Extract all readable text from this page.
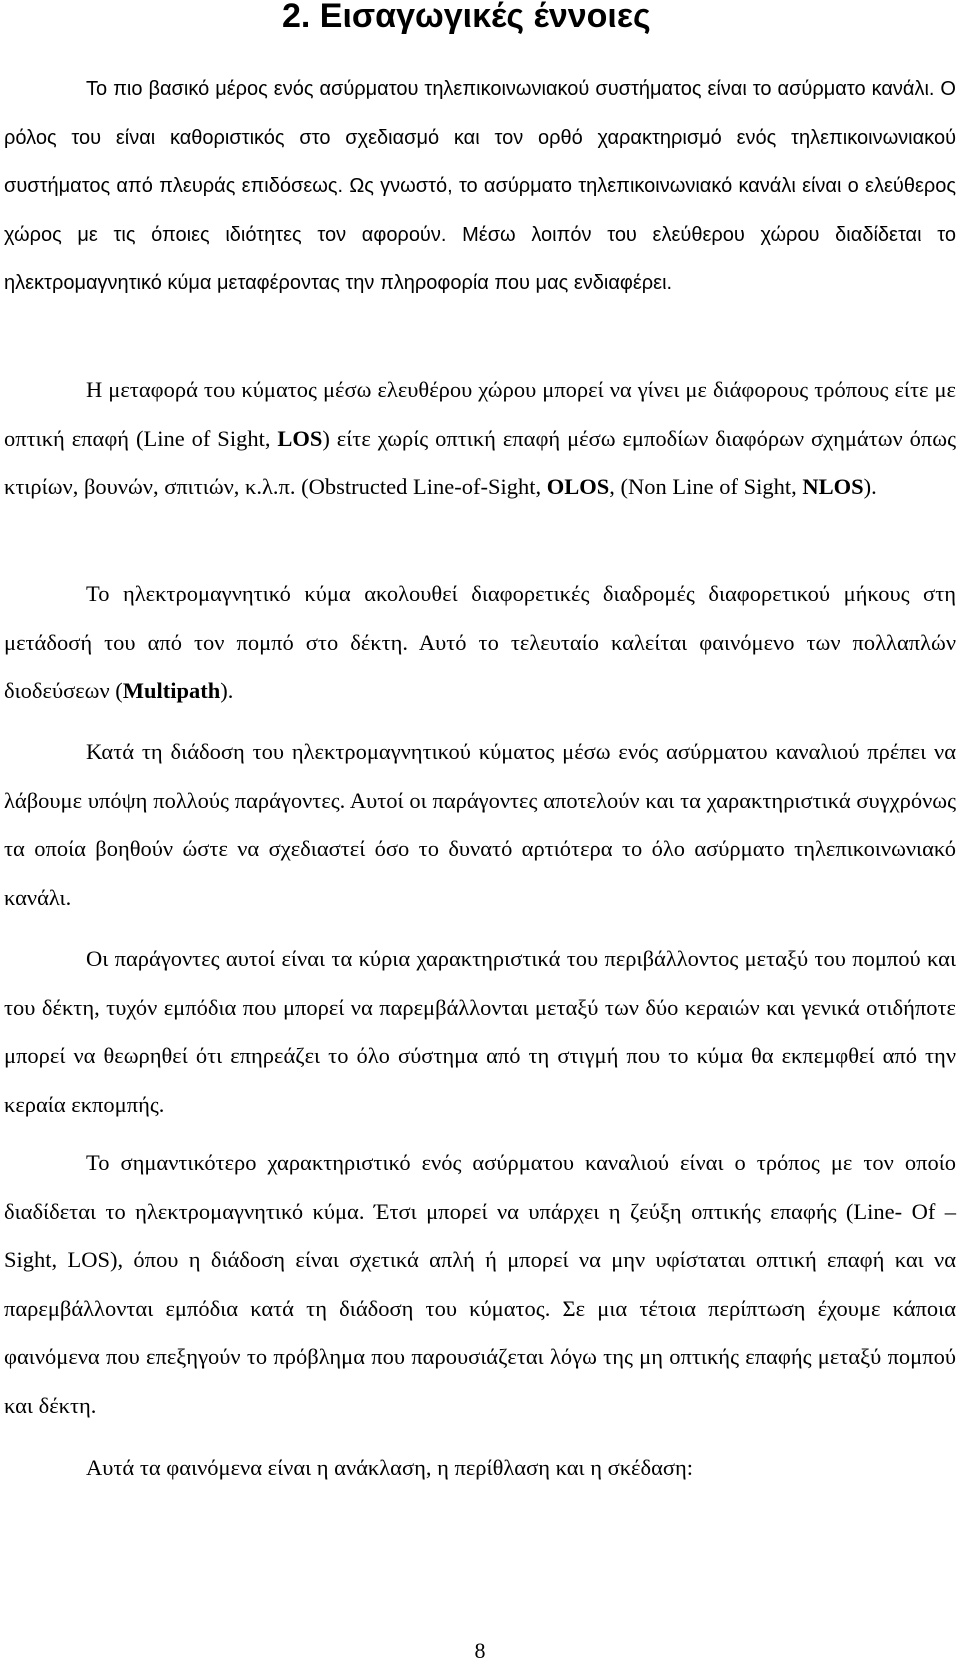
2. Εισαγωγικές έννοιες

Το πιο βασικό μέρος ενός ασύρματου τηλεπικοινωνιακού συστήματος είναι το ασύρματο κανάλι. Ο ρόλος του είναι καθοριστικός στο σχεδιασμό και τον ορθό χαρακτηρισμό ενός τηλεπικοινωνιακού συστήματος από πλευράς επιδόσεως. Ως γνωστό, το ασύρματο τηλεπικοινωνιακό κανάλι είναι ο ελεύθερος χώρος με τις όποιες ιδιότητες τον αφορούν. Μέσω λοιπόν του ελεύθερου χώρου διαδίδεται το ηλεκτρομαγνητικό κύμα μεταφέροντας την πληροφορία που μας ενδιαφέρει.

Η μεταφορά του κύματος μέσω ελευθέρου χώρου μπορεί να γίνει με διάφορους τρόπους είτε με οπτική επαφή (Line of Sight, LOS) είτε χωρίς οπτική επαφή μέσω εμποδίων διαφόρων σχημάτων όπως κτιρίων, βουνών, σπιτιών, κ.λ.π. (Obstructed Line-of-Sight, OLOS, (Non Line of Sight, NLOS).

Το ηλεκτρομαγνητικό κύμα ακολουθεί διαφορετικές διαδρομές διαφορετικού μήκους στη μετάδοσή του από τον πομπό στο δέκτη. Αυτό το τελευταίο καλείται φαινόμενο των πολλαπλών διοδεύσεων (Multipath).

Κατά τη διάδοση του ηλεκτρομαγνητικού κύματος μέσω ενός ασύρματου καναλιού πρέπει να λάβουμε υπόψη πολλούς παράγοντες. Αυτοί οι παράγοντες αποτελούν και τα χαρακτηριστικά συγχρόνως τα οποία βοηθούν ώστε να σχεδιαστεί όσο το δυνατό αρτιότερα το όλο ασύρματο τηλεπικοινωνιακό κανάλι.

Οι παράγοντες αυτοί είναι τα κύρια χαρακτηριστικά του περιβάλλοντος μεταξύ του πομπού και του δέκτη, τυχόν εμπόδια που μπορεί να παρεμβάλλονται μεταξύ των δύο κεραιών και γενικά οτιδήποτε μπορεί να θεωρηθεί ότι επηρεάζει το όλο σύστημα από τη στιγμή που το κύμα θα εκπεμφθεί από την κεραία εκπομπής.

Το σημαντικότερο χαρακτηριστικό ενός ασύρματου καναλιού είναι ο τρόπος με τον οποίο διαδίδεται το ηλεκτρομαγνητικό κύμα. Έτσι μπορεί να υπάρχει η ζεύξη οπτικής επαφής (Line- Of – Sight, LOS), όπου η διάδοση είναι σχετικά απλή ή μπορεί να μην υφίσταται οπτική επαφή και να παρεμβάλλονται εμπόδια κατά τη διάδοση του κύματος. Σε μια τέτοια περίπτωση έχουμε κάποια φαινόμενα που επεξηγούν το πρόβλημα που παρουσιάζεται λόγω της μη οπτικής επαφής μεταξύ πομπού και δέκτη.

Αυτά τα φαινόμενα είναι η ανάκλαση, η περίθλαση και η σκέδαση:

8
